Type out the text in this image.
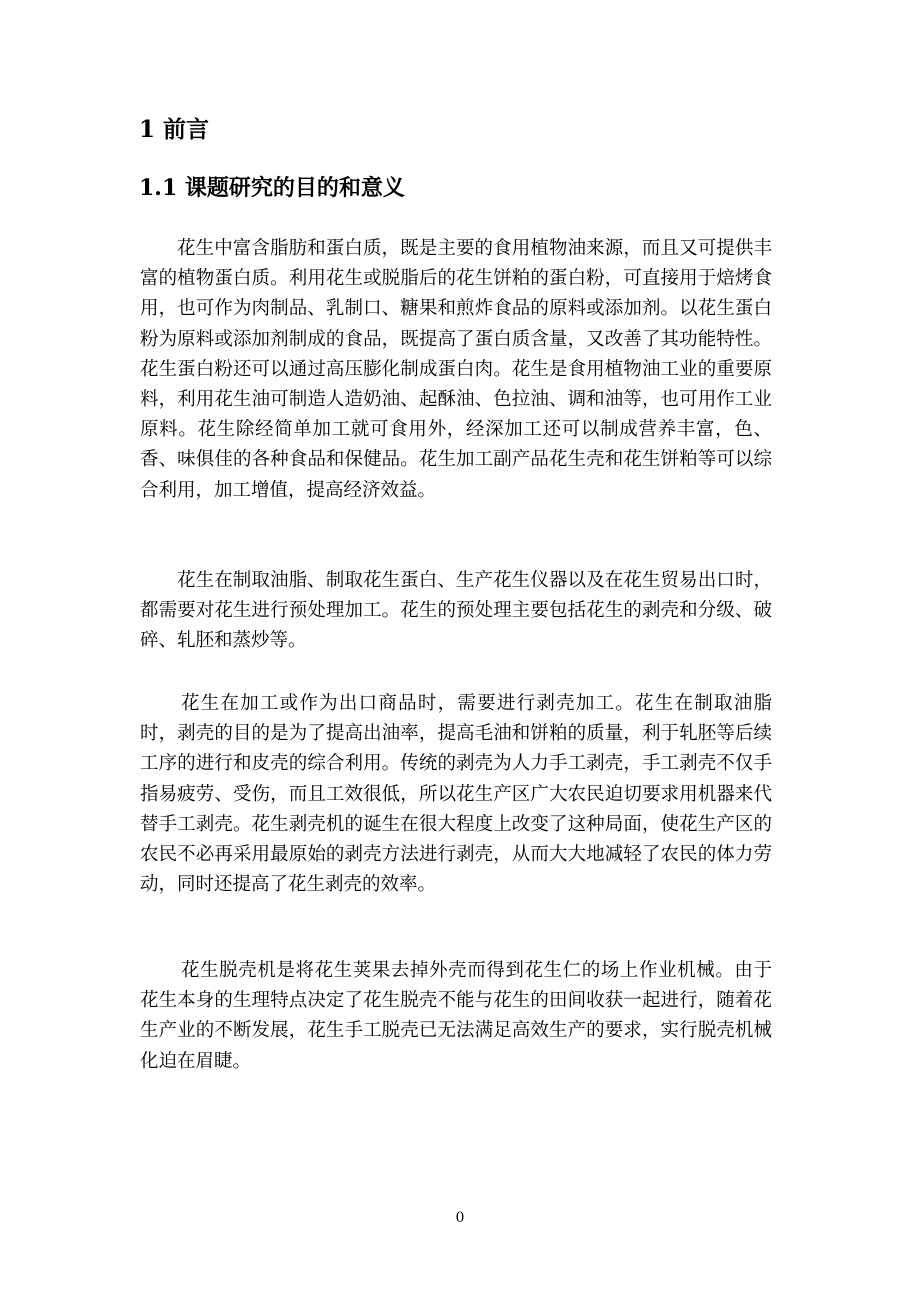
1 前言
1.1 课题研究的目的和意义

花生中富含脂肪和蛋白质，既是主要的食用植物油来源，而且又可提供丰富的植物蛋白质。利用花生或脱脂后的花生饼粕的蛋白粉，可直接用于焙烤食用，也可作为肉制品、乳制口、糖果和煎炸食品的原料或添加剂。以花生蛋白粉为原料或添加剂制成的食品，既提高了蛋白质含量，又改善了其功能特性。花生蛋白粉还可以通过高压膨化制成蛋白肉。花生是食用植物油工业的重要原料，利用花生油可制造人造奶油、起酥油、色拉油、调和油等，也可用作工业原料。花生除经简单加工就可食用外，经深加工还可以制成营养丰富，色、香、味俱佳的各种食品和保健品。花生加工副产品花生壳和花生饼粕等可以综合利用，加工增值，提高经济效益。

花生在制取油脂、制取花生蛋白、生产花生仪器以及在花生贸易出口时，都需要对花生进行预处理加工。花生的预处理主要包括花生的剥壳和分级、破碎、轧胚和蒸炒等。

花生在加工或作为出口商品时，需要进行剥壳加工。花生在制取油脂时，剥壳的目的是为了提高出油率，提高毛油和饼粕的质量，利于轧胚等后续工序的进行和皮壳的综合利用。传统的剥壳为人力手工剥壳，手工剥壳不仅手指易疲劳、受伤，而且工效很低，所以花生产区广大农民迫切要求用机器来代替手工剥壳。花生剥壳机的诞生在很大程度上改变了这种局面，使花生产区的农民不必再采用最原始的剥壳方法进行剥壳，从而大大地减轻了农民的体力劳动，同时还提高了花生剥壳的效率。

花生脱壳机是将花生荚果去掉外壳而得到花生仁的场上作业机械。由于花生本身的生理特点决定了花生脱壳不能与花生的田间收获一起进行，随着花生产业的不断发展，花生手工脱壳已无法满足高效生产的要求，实行脱壳机械化迫在眉睫。

0
